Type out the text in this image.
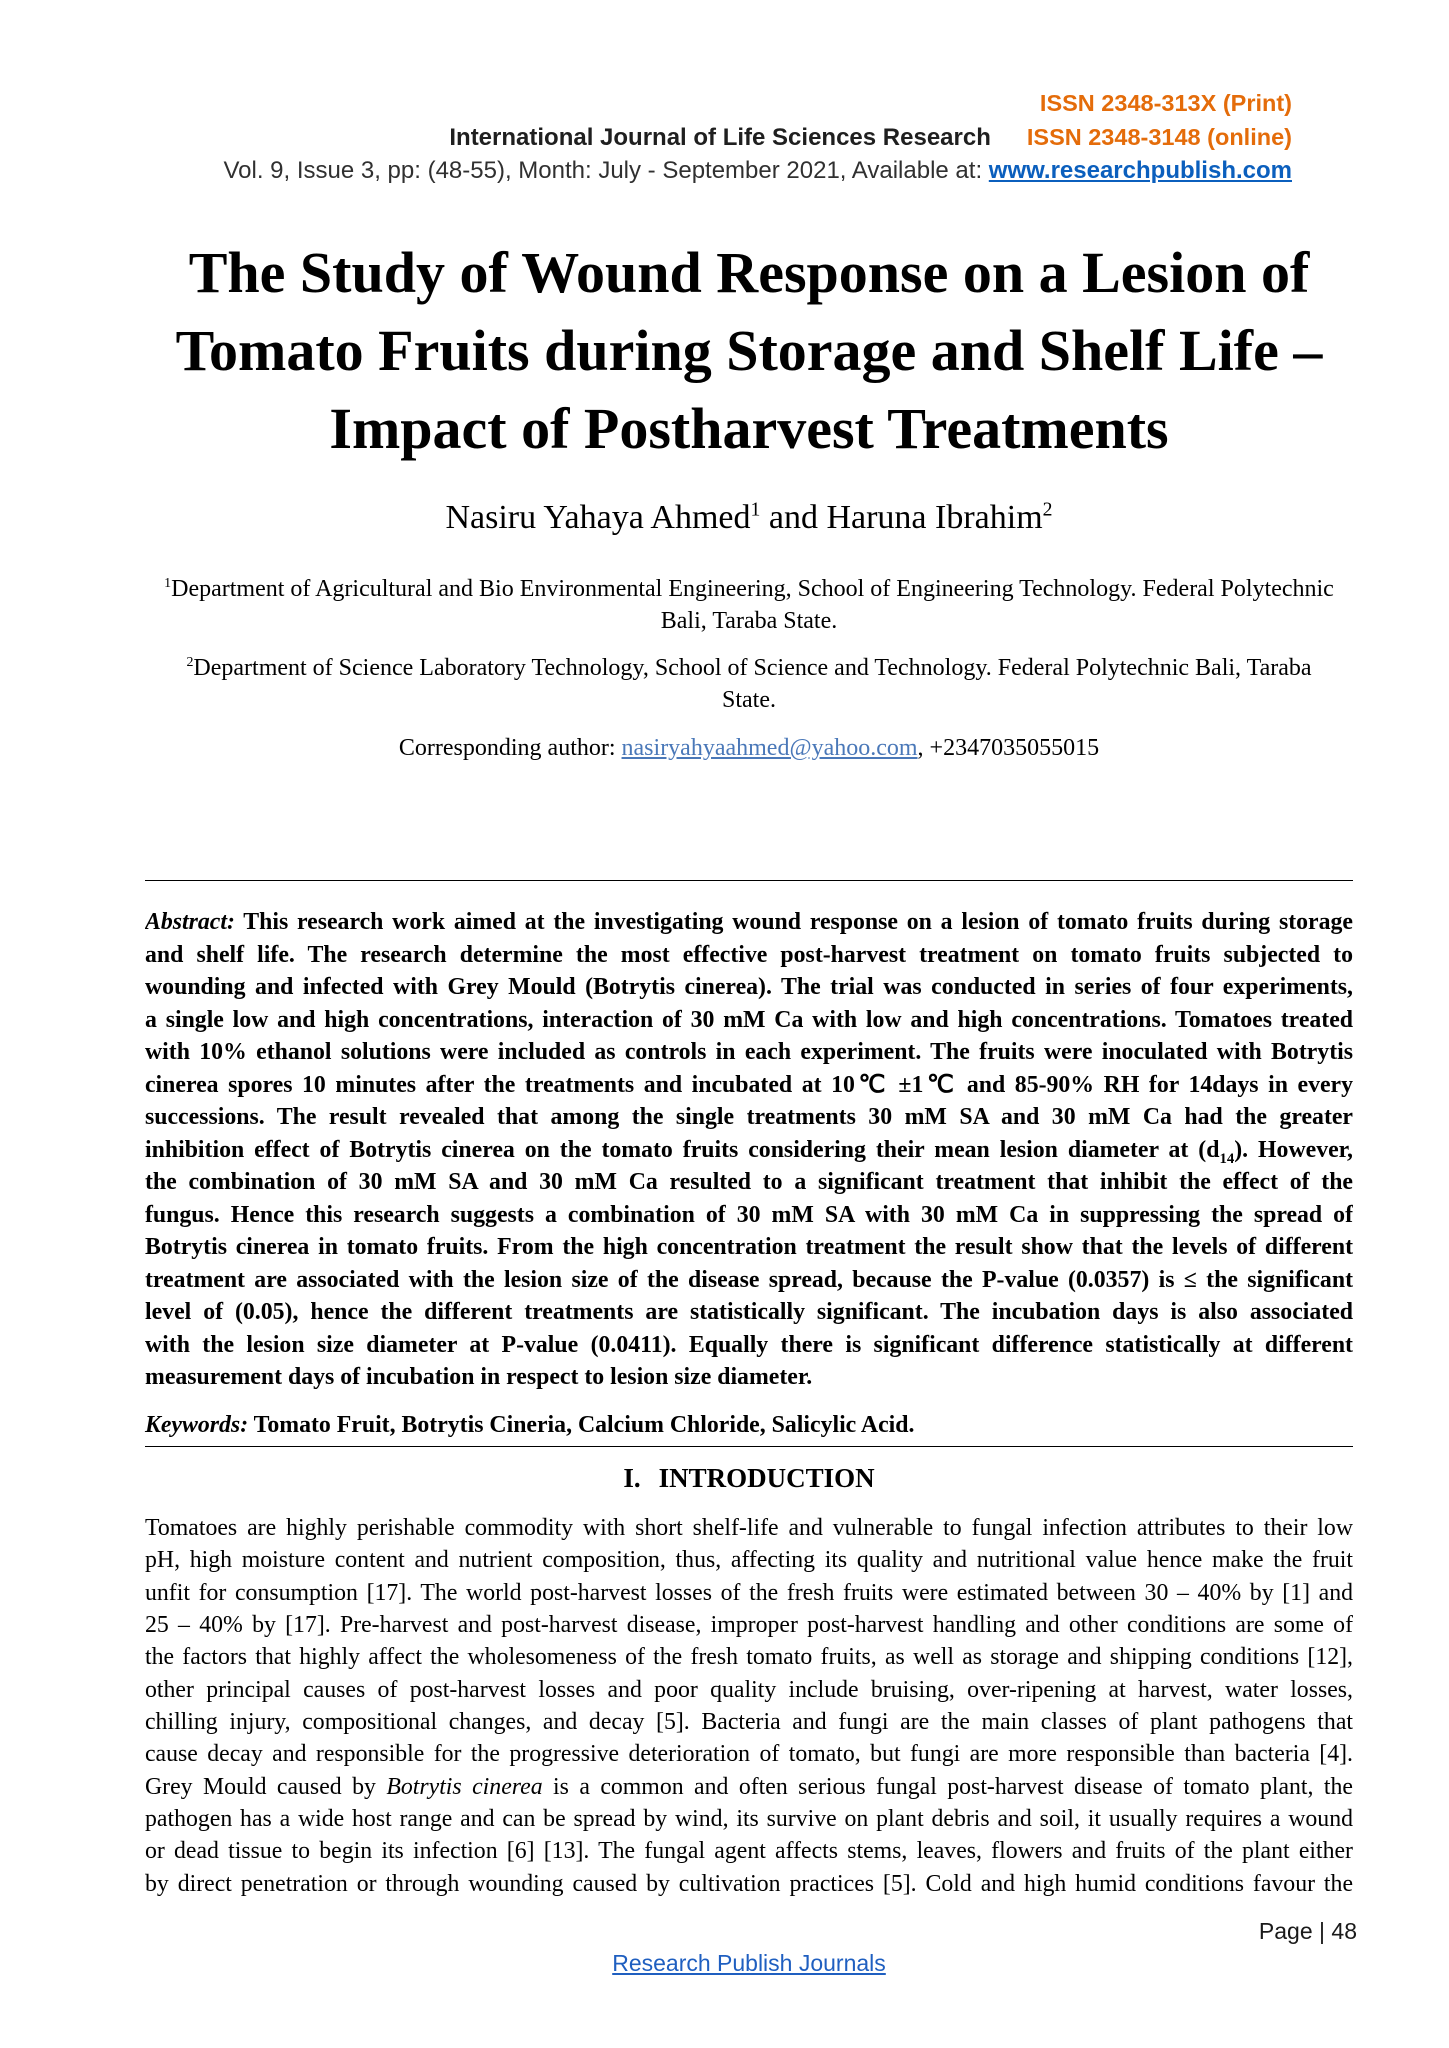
ISSN 2348-313X (Print)
International Journal of Life Sciences Research ISSN 2348-3148 (online)
Vol. 9, Issue 3, pp: (48-55), Month: July - September 2021, Available at: www.researchpublish.com
The Study of Wound Response on a Lesion of
Tomato Fruits during Storage and Shelf Life –
Impact of Postharvest Treatments
Nasiru Yahaya Ahmed$^1$ and Haruna Ibrahim$^2$
$^1$Department of Agricultural and Bio Environmental Engineering, School of Engineering Technology. Federal Polytechnic
Bali, Taraba State.
$^2$Department of Science Laboratory Technology, School of Science and Technology. Federal Polytechnic Bali, Taraba
State.
Corresponding author: nasiryahyaahmed@yahoo.com, +2347035055015
Abstract: This research work aimed at the investigating wound response on a lesion of tomato fruits during storage
and shelf life. The research determine the most effective post-harvest treatment on tomato fruits subjected to
wounding and infected with Grey Mould (Botrytis cinerea). The trial was conducted in series of four experiments,
a single low and high concentrations, interaction of 30 mM Ca with low and high concentrations. Tomatoes treated
with 10% ethanol solutions were included as controls in each experiment. The fruits were inoculated with Botrytis
cinerea spores 10 minutes after the treatments and incubated at 10℃ ±1℃ and 85-90% RH for 14days in every
successions. The result revealed that among the single treatments 30 mM SA and 30 mM Ca had the greater
inhibition effect of Botrytis cinerea on the tomato fruits considering their mean lesion diameter at $(d_{14})$. However,
the combination of 30 mM SA and 30 mM Ca resulted to a significant treatment that inhibit the effect of the
fungus. Hence this research suggests a combination of 30 mM SA with 30 mM Ca in suppressing the spread of
Botrytis cinerea in tomato fruits. From the high concentration treatment the result show that the levels of different
treatment are associated with the lesion size of the disease spread, because the P-value (0.0357) is ≤ the significant
level of (0.05), hence the different treatments are statistically significant. The incubation days is also associated
with the lesion size diameter at P-value (0.0411). Equally there is significant difference statistically at different
measurement days of incubation in respect to lesion size diameter.
Keywords: Tomato Fruit, Botrytis Cineria, Calcium Chloride, Salicylic Acid.
I. INTRODUCTION
Tomatoes are highly perishable commodity with short shelf-life and vulnerable to fungal infection attributes to their low
pH, high moisture content and nutrient composition, thus, affecting its quality and nutritional value hence make the fruit
unfit for consumption [17]. The world post-harvest losses of the fresh fruits were estimated between 30 – 40% by [1] and
25 – 40% by [17]. Pre-harvest and post-harvest disease, improper post-harvest handling and other conditions are some of
the factors that highly affect the wholesomeness of the fresh tomato fruits, as well as storage and shipping conditions [12],
other principal causes of post-harvest losses and poor quality include bruising, over-ripening at harvest, water losses,
chilling injury, compositional changes, and decay [5]. Bacteria and fungi are the main classes of plant pathogens that
cause decay and responsible for the progressive deterioration of tomato, but fungi are more responsible than bacteria [4].
Grey Mould caused by Botrytis cinerea is a common and often serious fungal post-harvest disease of tomato plant, the
pathogen has a wide host range and can be spread by wind, its survive on plant debris and soil, it usually requires a wound
or dead tissue to begin its infection [6] [13]. The fungal agent affects stems, leaves, flowers and fruits of the plant either
by direct penetration or through wounding caused by cultivation practices [5]. Cold and high humid conditions favour the
Page | 48
Research Publish Journals
